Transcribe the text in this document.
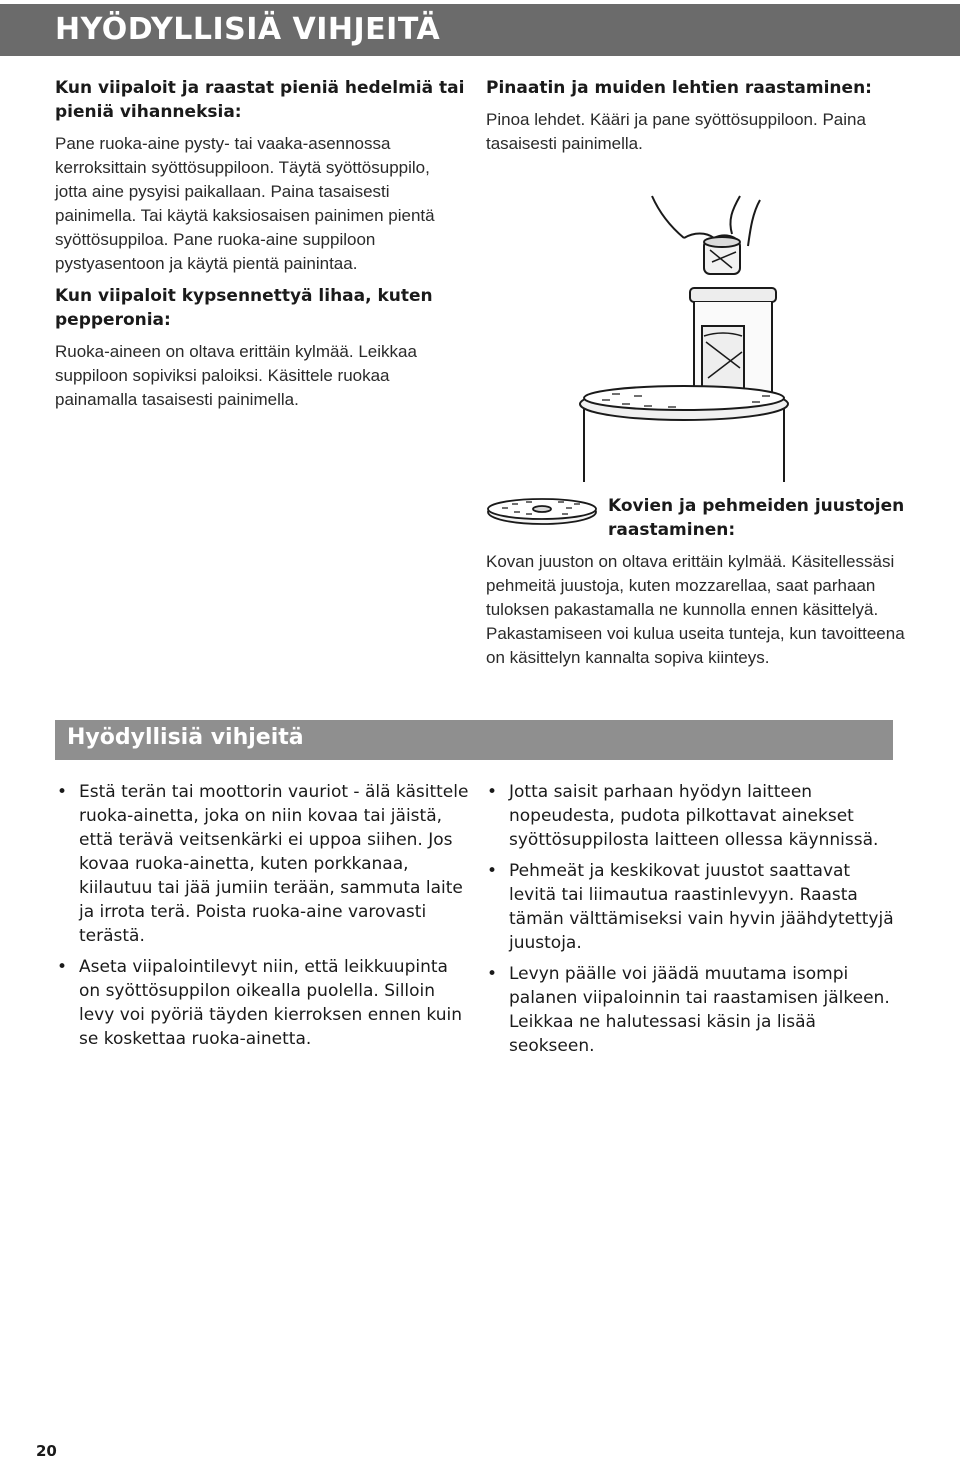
HYÖDYLLISIÄ VIHJEITÄ
Kun viipaloit ja raastat pieniä hedelmiä tai pieniä vihanneksia:

Pane ruoka-aine pysty- tai vaaka-asennossa kerroksittain syöttösuppiloon. Täytä syöttösuppilo, jotta aine pysyisi paikallaan. Paina tasaisesti painimella. Tai käytä kaksiosaisen painimen pientä syöttösuppiloa. Pane ruoka-aine suppiloon pystyasentoon ja käytä pientä painintaa.

Kun viipaloit kypsennettyä lihaa, kuten pepperonia:

Ruoka-aineen on oltava erittäin kylmää. Leikkaa suppiloon sopiviksi paloiksi. Käsittele ruokaa painamalla tasaisesti painimella.

Pinaatin ja muiden lehtien raastaminen:

Pinoa lehdet. Kääri ja pane syöttösuppiloon. Paina tasaisesti painimella.

Kovien ja pehmeiden juustojen raastaminen:

Kovan juuston on oltava erittäin kylmää. Käsitellessäsi pehmeitä juustoja, kuten mozzarellaa, saat parhaan tuloksen pakastamalla ne kunnolla ennen käsittelyä. Pakastamiseen voi kulua useita tunteja, kun tavoitteena on käsittelyn kannalta sopiva kiinteys.

Hyödyllisiä vihjeitä
• Estä terän tai moottorin vauriot - älä käsittele ruoka-ainetta, joka on niin kovaa tai jäistä, että terävä veitsenkärki ei uppoa siihen. Jos kovaa ruoka-ainetta, kuten porkkanaa, kiilautuu tai jää jumiin terään, sammuta laite ja irrota terä. Poista ruoka-aine varovasti terästä.
• Aseta viipalointilevyt niin, että leikkuupinta on syöttösuppilon oikealla puolella. Silloin levy voi pyöriä täyden kierroksen ennen kuin se koskettaa ruoka-ainetta.
• Jotta saisit parhaan hyödyn laitteen nopeudesta, pudota pilkottavat ainekset syöttösuppilosta laitteen ollessa käynnissä.
• Pehmeät ja keskikovat juustot saattavat levitä tai liimautua raastinlevyyn. Raasta tämän välttämiseksi vain hyvin jäähdytettyjä juustoja.
• Levyn päälle voi jäädä muutama isompi palanen viipaloinnin tai raastamisen jälkeen. Leikkaa ne halutessasi käsin ja lisää seokseen.
20
